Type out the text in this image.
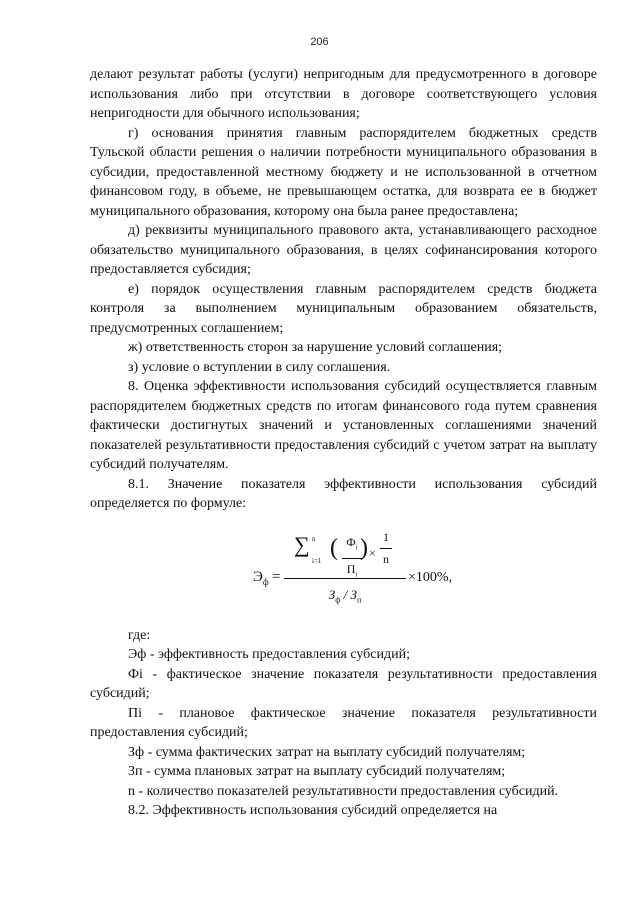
206

делают результат работы (услуги) непригодным для предусмотренного в договоре использования либо при отсутствии в договоре соответствующего условия непригодности для обычного использования;

г) основания принятия главным распорядителем бюджетных средств Тульской области решения о наличии потребности муниципального образования в субсидии, предоставленной местному бюджету и не использованной в отчетном финансовом году, в объеме, не превышающем остатка, для возврата ее в бюджет муниципального образования, которому она была ранее предоставлена;

д) реквизиты муниципального правового акта, устанавливающего расходное обязательство муниципального образования, в целях софинансирования которого предоставляется субсидия;

е) порядок осуществления главным распорядителем средств бюджета контроля за выполнением муниципальным образованием обязательств, предусмотренных соглашением;

ж) ответственность сторон за нарушение условий соглашения;

з) условие о вступлении в силу соглашения.

8. Оценка эффективности использования субсидий осуществляется главным распорядителем бюджетных средств по итогам финансового года путем сравнения фактически достигнутых значений и установленных соглашениями значений показателей результативности предоставления субсидий с учетом затрат на выплату субсидий получателям.

8.1. Значение показателя эффективности использования субсидий определяется по формуле:

$Э_ф$ =
∑ n
i=1 ( $Ф_i$
$П_i$
) ×
1
n
$З_ф / З_п$
×100%,

где:

Эф - эффективность предоставления субсидий;

Фi - фактическое значение показателя результативности предоставления субсидий;

Пi - плановое фактическое значение показателя результативности предоставления субсидий;

Зф - сумма фактических затрат на выплату субсидий получателям;

Зп - сумма плановых затрат на выплату субсидий получателям;

n - количество показателей результативности предоставления субсидий.

8.2. Эффективность использования субсидий определяется на
